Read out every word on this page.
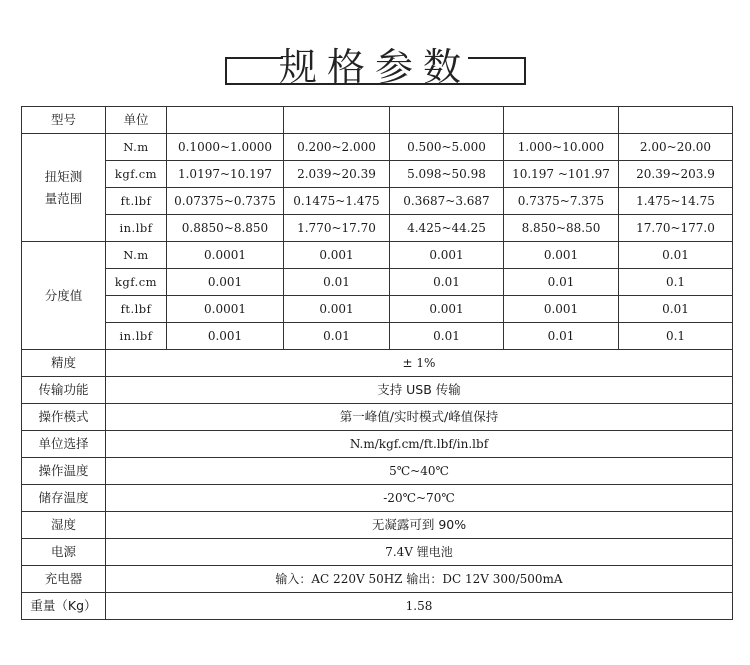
规格参数
型号	单位					
扭矩测
量范围	N.m	0.1000~1.0000	0.200~2.000	0.500~5.000	1.000~10.000	2.00~20.00
	kgf.cm	1.0197~10.197	2.039~20.39	5.098~50.98	10.197 ~101.97	20.39~203.9
	ft.lbf	0.07375~0.7375	0.1475~1.475	0.3687~3.687	0.7375~7.375	1.475~14.75
	in.lbf	0.8850~8.850	1.770~17.70	4.425~44.25	8.850~88.50	17.70~177.0
分度值	N.m	0.0001	0.001	0.001	0.001	0.01
	kgf.cm	0.001	0.01	0.01	0.01	0.1
	ft.lbf	0.0001	0.001	0.001	0.001	0.01
	in.lbf	0.001	0.01	0.01	0.01	0.1
精度	± 1%					
传输功能	支持 USB 传输					
操作模式	第一峰值/实时模式/峰值保持					
单位选择	N.m/kgf.cm/ft.lbf/in.lbf					
操作温度	5℃~40℃					
储存温度	-20℃~70℃					
湿度	无凝露可到 90%					
电源	7.4V 锂电池					
充电器	输入：AC 220V 50HZ 输出：DC 12V 300/500mA					
重量（Kg）	1.58					
